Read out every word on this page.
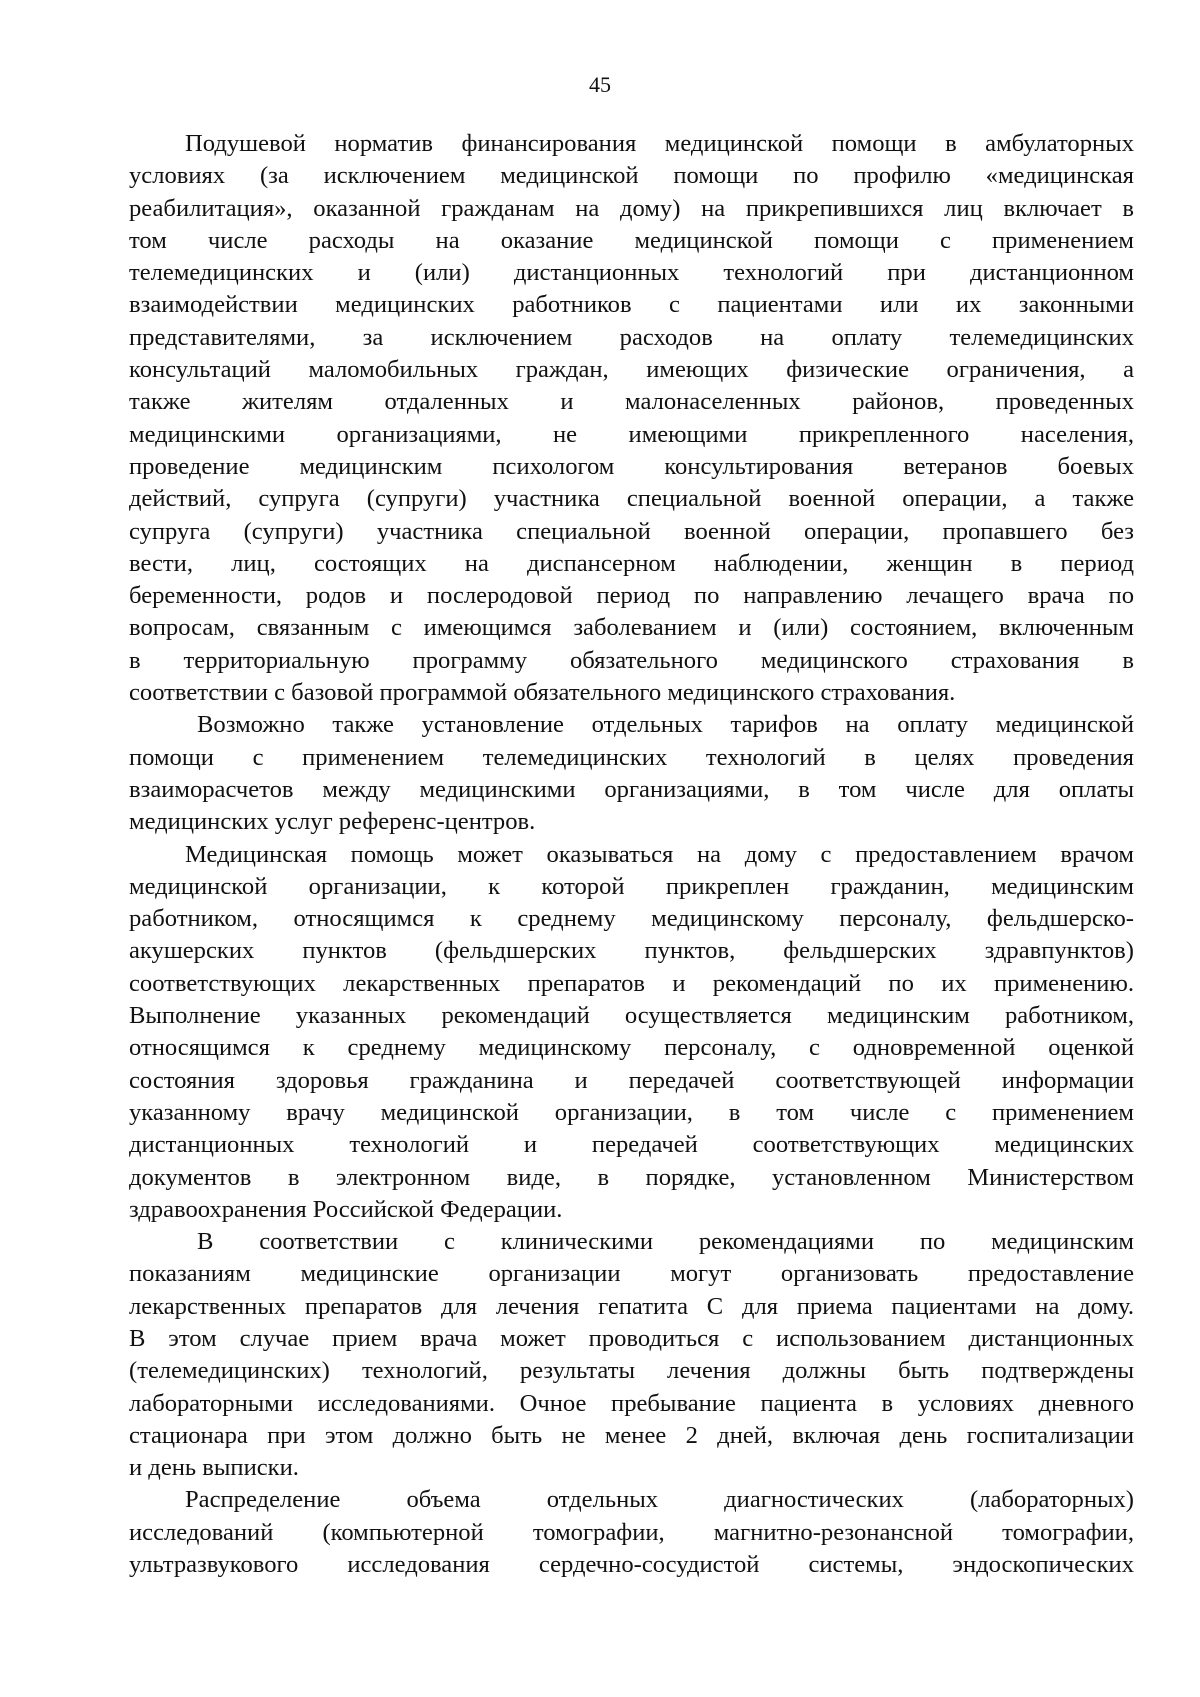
45
Подушевой норматив финансирования медицинской помощи в амбулаторных
условиях (за исключением медицинской помощи по профилю «медицинская
реабилитация», оказанной гражданам на дому) на прикрепившихся лиц включает в
том числе расходы на оказание медицинской помощи с применением
телемедицинских и (или) дистанционных технологий при дистанционном
взаимодействии медицинских работников с пациентами или их законными
представителями, за исключением расходов на оплату телемедицинских
консультаций маломобильных граждан, имеющих физические ограничения, а
также жителям отдаленных и малонаселенных районов, проведенных
медицинскими организациями, не имеющими прикрепленного населения,
проведение медицинским психологом консультирования ветеранов боевых
действий, супруга (супруги) участника специальной военной операции, а также
супруга (супруги) участника специальной военной операции, пропавшего без
вести, лиц, состоящих на диспансерном наблюдении, женщин в период
беременности, родов и послеродовой период по направлению лечащего врача по
вопросам, связанным с имеющимся заболеванием и (или) состоянием, включенным
в территориальную программу обязательного медицинского страхования в
соответствии с базовой программой обязательного медицинского страхования.
Возможно также установление отдельных тарифов на оплату медицинской
помощи с применением телемедицинских технологий в целях проведения
взаиморасчетов между медицинскими организациями, в том числе для оплаты
медицинских услуг референс-центров.
Медицинская помощь может оказываться на дому с предоставлением врачом
медицинской организации, к которой прикреплен гражданин, медицинским
работником, относящимся к среднему медицинскому персоналу, фельдшерско-
акушерских пунктов (фельдшерских пунктов, фельдшерских здравпунктов)
соответствующих лекарственных препаратов и рекомендаций по их применению.
Выполнение указанных рекомендаций осуществляется медицинским работником,
относящимся к среднему медицинскому персоналу, с одновременной оценкой
состояния здоровья гражданина и передачей соответствующей информации
указанному врачу медицинской организации, в том числе с применением
дистанционных технологий и передачей соответствующих медицинских
документов в электронном виде, в порядке, установленном Министерством
здравоохранения Российской Федерации.
В соответствии с клиническими рекомендациями по медицинским
показаниям медицинские организации могут организовать предоставление
лекарственных препаратов для лечения гепатита С для приема пациентами на дому.
В этом случае прием врача может проводиться с использованием дистанционных
(телемедицинских) технологий, результаты лечения должны быть подтверждены
лабораторными исследованиями. Очное пребывание пациента в условиях дневного
стационара при этом должно быть не менее 2 дней, включая день госпитализации
и день выписки.
Распределение объема отдельных диагностических (лабораторных)
исследований (компьютерной томографии, магнитно-резонансной томографии,
ультразвукового исследования сердечно-сосудистой системы, эндоскопических
